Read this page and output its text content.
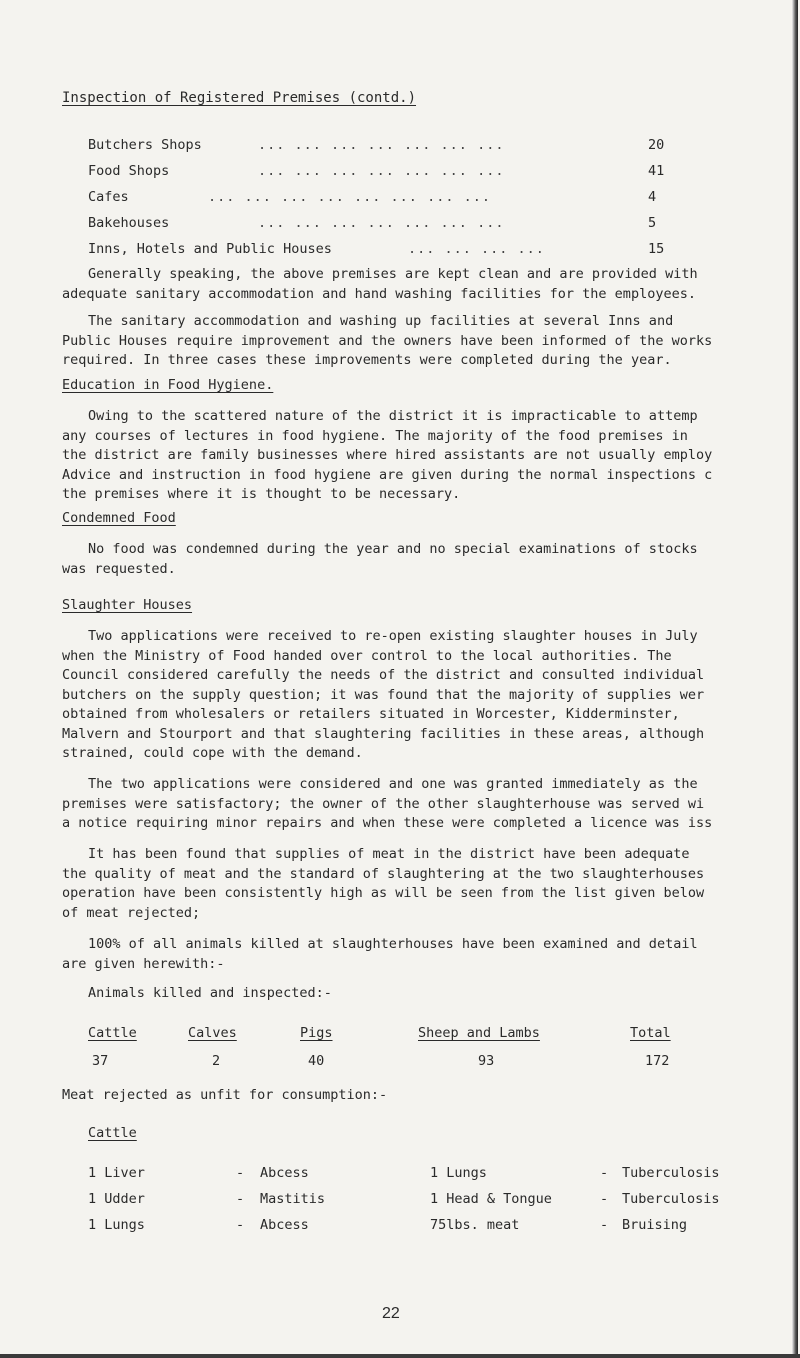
Inspection of Registered Premises (contd.)
Butchers Shops	... ... ... ... ... ... ...	20
Food Shops	... ... ... ... ... ... ...	41
Cafes	... ... ... ... ... ... ... ...	4
Bakehouses	... ... ... ... ... ... ...	5
Inns, Hotels and Public Houses	... ... ... ...	15
Generally speaking, the above premises are kept clean and are provided with
adequate sanitary accommodation and hand washing facilities for the employees.
The sanitary accommodation and washing up facilities at several Inns and
Public Houses require improvement and the owners have been informed of the works
required. In three cases these improvements were completed during the year.
Education in Food Hygiene.
Owing to the scattered nature of the district it is impracticable to attemp
any courses of lectures in food hygiene. The majority of the food premises in
the district are family businesses where hired assistants are not usually employ
Advice and instruction in food hygiene are given during the normal inspections c
the premises where it is thought to be necessary.
Condemned Food
No food was condemned during the year and no special examinations of stocks
was requested.
Slaughter Houses
Two applications were received to re-open existing slaughter houses in July
when the Ministry of Food handed over control to the local authorities. The
Council considered carefully the needs of the district and consulted individual
butchers on the supply question; it was found that the majority of supplies wer
obtained from wholesalers or retailers situated in Worcester, Kidderminster,
Malvern and Stourport and that slaughtering facilities in these areas, although
strained, could cope with the demand.
The two applications were considered and one was granted immediately as the
premises were satisfactory; the owner of the other slaughterhouse was served wi
a notice requiring minor repairs and when these were completed a licence was iss
It has been found that supplies of meat in the district have been adequate
the quality of meat and the standard of slaughtering at the two slaughterhouses
operation have been consistently high as will be seen from the list given below
of meat rejected;
100% of all animals killed at slaughterhouses have been examined and detail
are given herewith:-
Animals killed and inspected:-
Cattle	Calves	Pigs	Sheep and Lambs	Total
37	2	40	93	172
Meat rejected as unfit for consumption:-
Cattle
1 Liver	- Abcess	1 Lungs	- Tuberculosis
1 Udder	- Mastitis	1 Head & Tongue	- Tuberculosis
1 Lungs	- Abcess	75lbs. meat	- Bruising
22
